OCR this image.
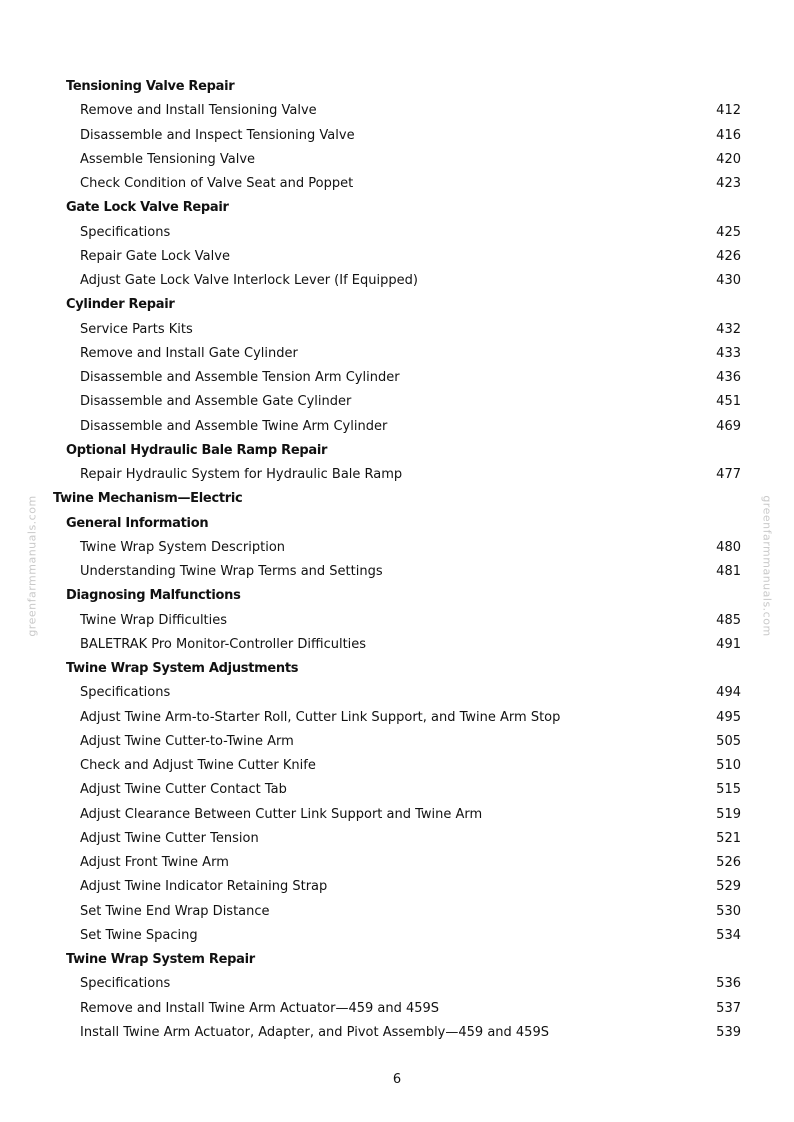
greenfarmmanuals.com	greenfarmmanuals.com
Tensioning Valve Repair
Remove and Install Tensioning Valve	412
Disassemble and Inspect Tensioning Valve	416
Assemble Tensioning Valve	420
Check Condition of Valve Seat and Poppet	423
Gate Lock Valve Repair
Specifications	425
Repair Gate Lock Valve	426
Adjust Gate Lock Valve Interlock Lever (If Equipped)	430
Cylinder Repair
Service Parts Kits	432
Remove and Install Gate Cylinder	433
Disassemble and Assemble Tension Arm Cylinder	436
Disassemble and Assemble Gate Cylinder	451
Disassemble and Assemble Twine Arm Cylinder	469
Optional Hydraulic Bale Ramp Repair
Repair Hydraulic System for Hydraulic Bale Ramp	477
Twine Mechanism—Electric
General Information
Twine Wrap System Description	480
Understanding Twine Wrap Terms and Settings	481
Diagnosing Malfunctions
Twine Wrap Difficulties	485
BALETRAK Pro Monitor-Controller Difficulties	491
Twine Wrap System Adjustments
Specifications	494
Adjust Twine Arm-to-Starter Roll, Cutter Link Support, and Twine Arm Stop	495
Adjust Twine Cutter-to-Twine Arm	505
Check and Adjust Twine Cutter Knife	510
Adjust Twine Cutter Contact Tab	515
Adjust Clearance Between Cutter Link Support and Twine Arm	519
Adjust Twine Cutter Tension	521
Adjust Front Twine Arm	526
Adjust Twine Indicator Retaining Strap	529
Set Twine End Wrap Distance	530
Set Twine Spacing	534
Twine Wrap System Repair
Specifications	536
Remove and Install Twine Arm Actuator—459 and 459S	537
Install Twine Arm Actuator, Adapter, and Pivot Assembly—459 and 459S	539
6
